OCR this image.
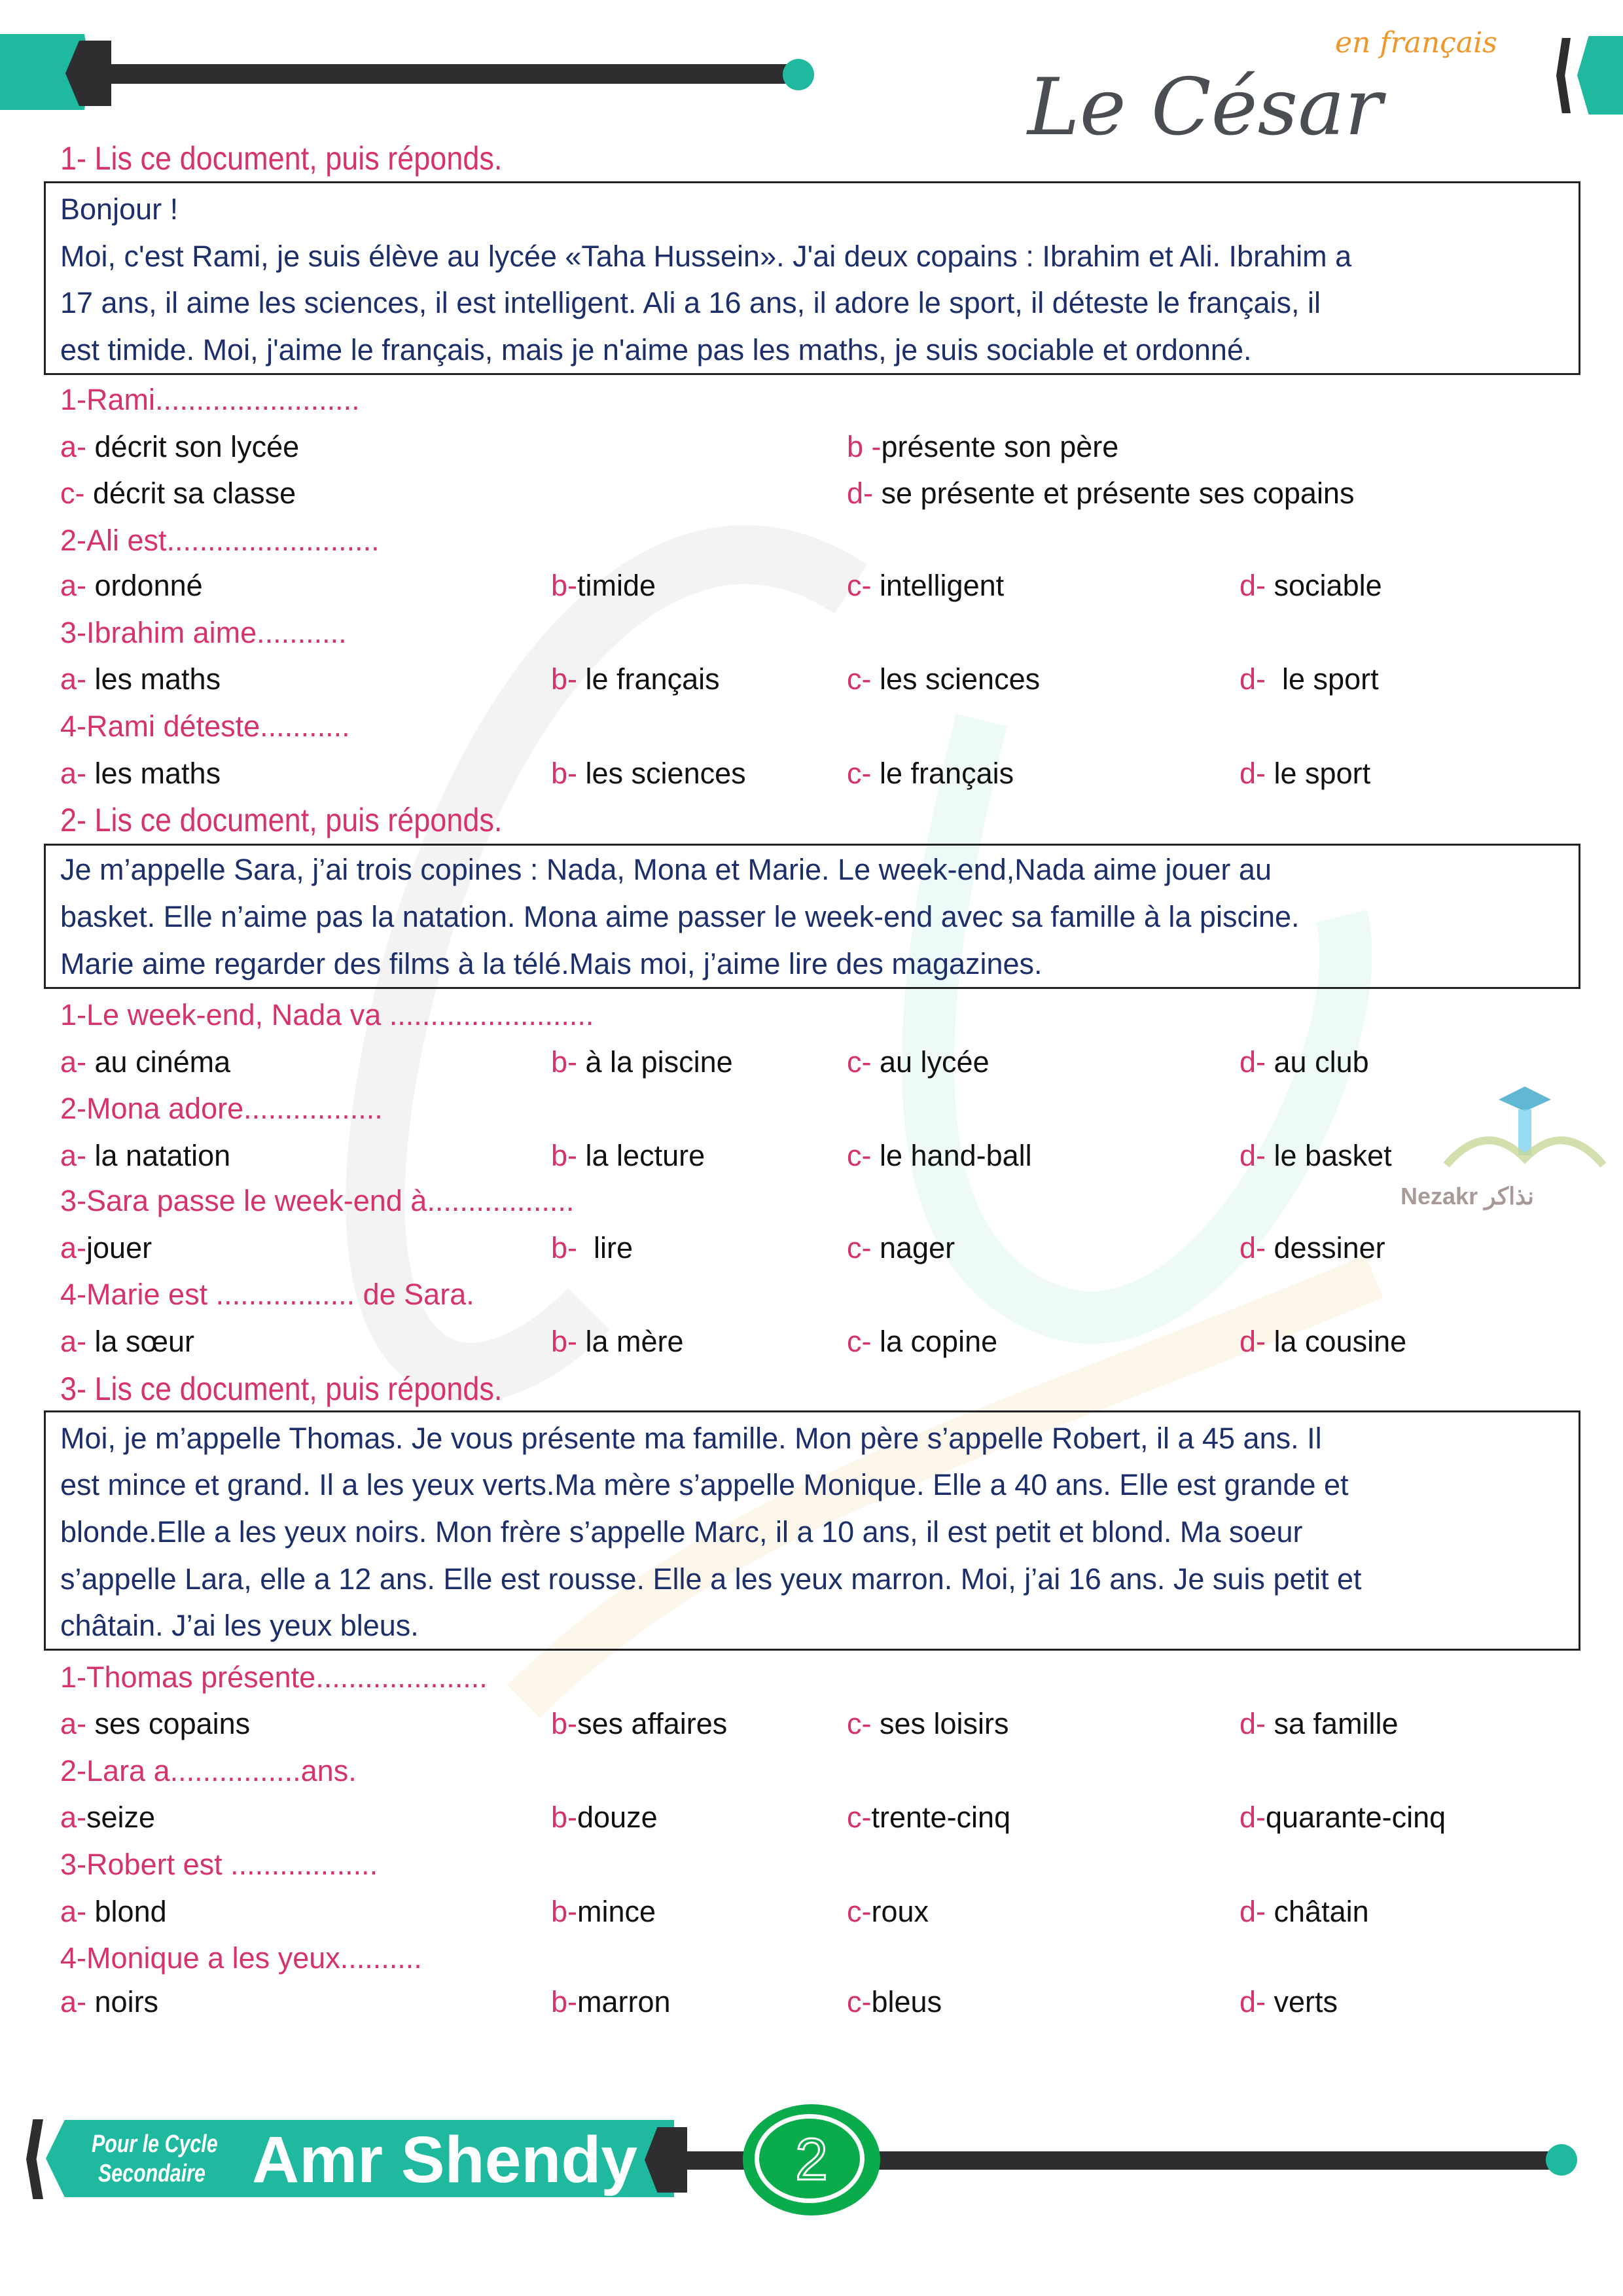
Le César
en français
Nezakr نذاكر
1- Lis ce document, puis réponds.
Bonjour !
Moi, c'est Rami, je suis élève au lycée «Taha Hussein». J'ai deux copains : Ibrahim et Ali. Ibrahim a
17 ans, il aime les sciences, il est intelligent. Ali a 16 ans, il adore le sport, il déteste le français, il
est timide. Moi, j'aime le français, mais je n'aime pas les maths, je suis sociable et ordonné.
1-Rami.........................
a- décrit son lycée	b -présente son père
c- décrit sa classe	d- se présente et présente ses copains
2-Ali est..........................
a- ordonné	b-timide	c- intelligent	d- sociable
3-Ibrahim aime...........
a- les maths	b- le français	c- les sciences	d-  le sport
4-Rami déteste...........
a- les maths	b- les sciences	c- le français	d- le sport
2- Lis ce document, puis réponds.
Je m’appelle Sara, j’ai trois copines : Nada, Mona et Marie. Le week-end,Nada aime jouer au
basket. Elle n’aime pas la natation. Mona aime passer le week-end avec sa famille à la piscine.
Marie aime regarder des films à la télé.Mais moi, j’aime lire des magazines.
1-Le week-end, Nada va .........................
a- au cinéma	b- à la piscine	c- au lycée	d- au club
2-Mona adore.................
a- la natation	b- la lecture	c- le hand-ball	d- le basket
3-Sara passe le week-end à..................
a-jouer	b-  lire	c- nager	d- dessiner
4-Marie est ................. de Sara.
a- la sœur	b- la mère	c- la copine	d- la cousine
3- Lis ce document, puis réponds.
Moi, je m’appelle Thomas. Je vous présente ma famille. Mon père s’appelle Robert, il a 45 ans. Il
est mince et grand. Il a les yeux verts.Ma mère s’appelle Monique. Elle a 40 ans. Elle est grande et
blonde.Elle a les yeux noirs. Mon frère s’appelle Marc, il a 10 ans, il est petit et blond. Ma soeur
s’appelle Lara, elle a 12 ans. Elle est rousse. Elle a les yeux marron. Moi, j’ai 16 ans. Je suis petit et
châtain. J’ai les yeux bleus.
1-Thomas présente.....................
a- ses copains	b-ses affaires	c- ses loisirs	d- sa famille
2-Lara a................ans.
a-seize	b-douze	c-trente-cinq	d-quarante-cinq
3-Robert est ..................
a- blond	b-mince	c-roux	d- châtain
4-Monique a les yeux..........
a- noirs	b-marron	c-bleus	d- verts
Pour le Cycle
Secondaire Amr Shendy	2
